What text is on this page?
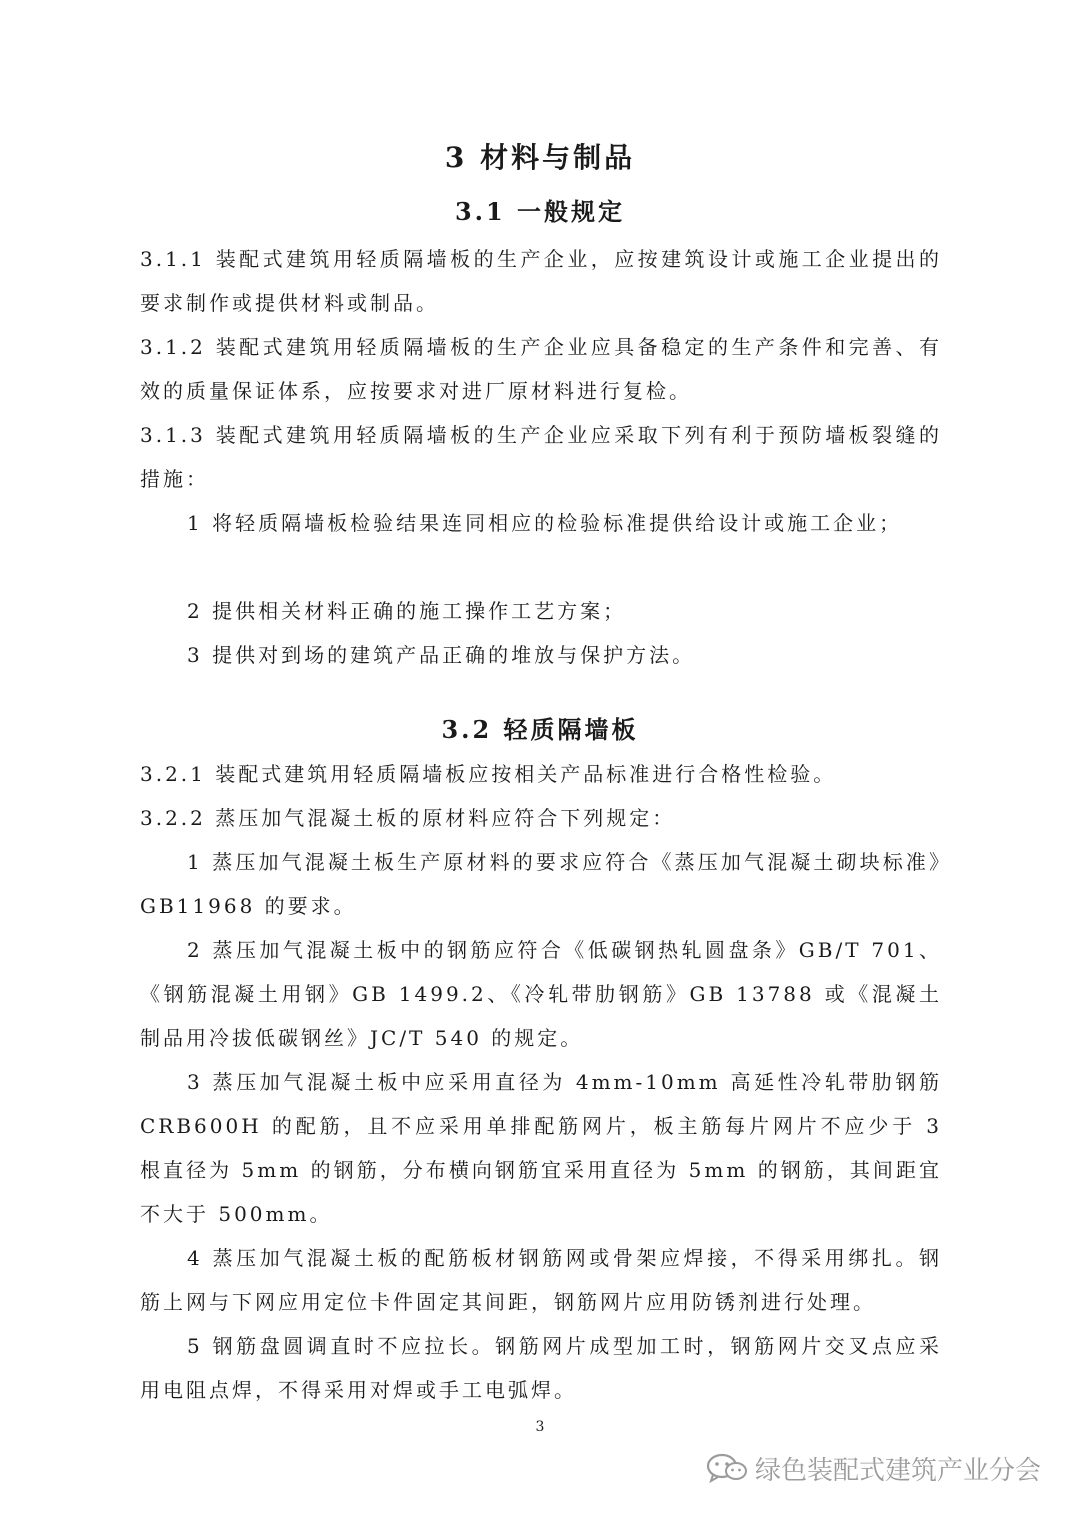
3 材料与制品
3.1 一般规定

3.1.1 装配式建筑用轻质隔墙板的生产企业，应按建筑设计或施工企业提出的要求制作或提供材料或制品。

3.1.2 装配式建筑用轻质隔墙板的生产企业应具备稳定的生产条件和完善、有效的质量保证体系，应按要求对进厂原材料进行复检。

3.1.3 装配式建筑用轻质隔墙板的生产企业应采取下列有利于预防墙板裂缝的措施：

1 将轻质隔墙板检验结果连同相应的检验标准提供给设计或施工企业；

2 提供相关材料正确的施工操作工艺方案；

3 提供对到场的建筑产品正确的堆放与保护方法。

3.2 轻质隔墙板

3.2.1 装配式建筑用轻质隔墙板应按相关产品标准进行合格性检验。

3.2.2 蒸压加气混凝土板的原材料应符合下列规定：

1 蒸压加气混凝土板生产原材料的要求应符合《蒸压加气混凝土砌块标准》GB11968 的要求。

2 蒸压加气混凝土板中的钢筋应符合《低碳钢热轧圆盘条》GB/T 701、《钢筋混凝土用钢》GB 1499.2、《冷轧带肋钢筋》GB 13788 或《混凝土制品用冷拔低碳钢丝》JC/T 540 的规定。

3 蒸压加气混凝土板中应采用直径为 4mm-10mm 高延性冷轧带肋钢筋 CRB600H 的配筋，且不应采用单排配筋网片，板主筋每片网片不应少于 3 根直径为 5mm 的钢筋，分布横向钢筋宜采用直径为 5mm 的钢筋，其间距宜不大于 500mm。

4 蒸压加气混凝土板的配筋板材钢筋网或骨架应焊接，不得采用绑扎。钢筋上网与下网应用定位卡件固定其间距，钢筋网片应用防锈剂进行处理。

5 钢筋盘圆调直时不应拉长。钢筋网片成型加工时，钢筋网片交叉点应采用电阻点焊，不得采用对焊或手工电弧焊。

3
绿色装配式建筑产业分会
